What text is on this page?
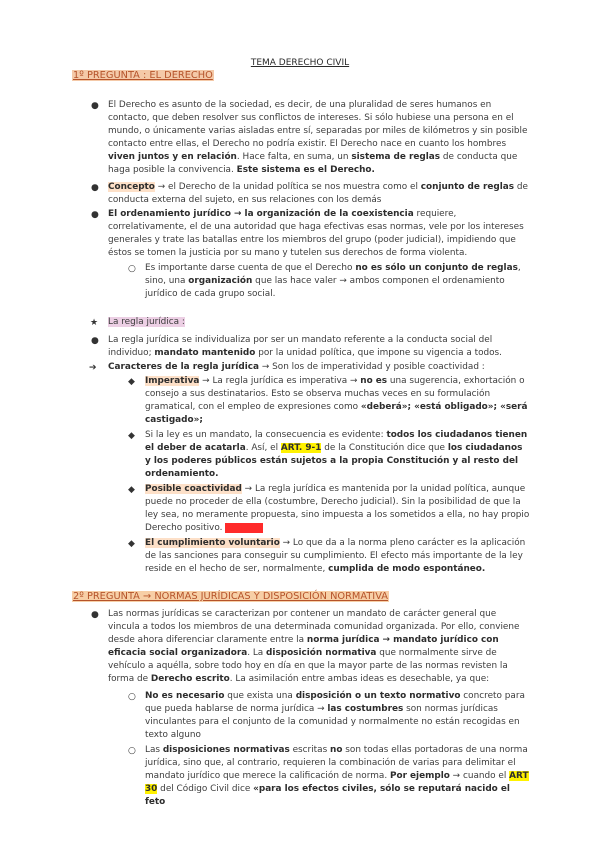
TEMA DERECHO CIVIL
1º PREGUNTA : EL DERECHO
● El Derecho es asunto de la sociedad, es decir, de una pluralidad de seres humanos en contacto, que deben resolver sus conflictos de intereses. Si sólo hubiese una persona en el mundo, o únicamente varias aisladas entre sí, separadas por miles de kilómetros y sin posible contacto entre ellas, el Derecho no podría existir. El Derecho nace en cuanto los hombres viven juntos y en relación. Hace falta, en suma, un sistema de reglas de conducta que haga posible la convivencia. Este sistema es el Derecho.

● Concepto → el Derecho de la unidad política se nos muestra como el conjunto de reglas de conducta externa del sujeto, en sus relaciones con los demás

● El ordenamiento jurídico → la organización de la coexistencia requiere, correlativamente, el de una autoridad que haga efectivas esas normas, vele por los intereses generales y trate las batallas entre los miembros del grupo (poder judicial), impidiendo que éstos se tomen la justicia por su mano y tutelen sus derechos de forma violenta.

○ Es importante darse cuenta de que el Derecho no es sólo un conjunto de reglas, sino, una organización que las hace valer → ambos componen el ordenamiento jurídico de cada grupo social.

★ La regla jurídica :
● La regla jurídica se individualiza por ser un mandato referente a la conducta social del individuo; mandato mantenido por la unidad política, que impone su vigencia a todos.

➔ Caracteres de la regla jurídica → Son los de imperatividad y posible coactividad :

◆ Imperativa → La regla jurídica es imperativa → no es una sugerencia, exhortación o consejo a sus destinatarios. Esto se observa muchas veces en su formulación gramatical, con el empleo de expresiones como «deberá»; «está obligado»; «será castigado»;

◆ Si la ley es un mandato, la consecuencia es evidente: todos los ciudadanos tienen el deber de acatarla. Así, el ART. 9-1 de la Constitución dice que los ciudadanos y los poderes públicos están sujetos a la propia Constitución y al resto del ordenamiento.

◆ Posible coactividad → La regla jurídica es mantenida por la unidad política, aunque puede no proceder de ella (costumbre, Derecho judicial). Sin la posibilidad de que la ley sea, no meramente propuesta, sino impuesta a los sometidos a ella, no hay propio Derecho positivo. ????????

◆ El cumplimiento voluntario → Lo que da a la norma pleno carácter es la aplicación de las sanciones para conseguir su cumplimiento. El efecto más importante de la ley reside en el hecho de ser, normalmente, cumplida de modo espontáneo.

2º PREGUNTA → NORMAS JURÍDICAS Y DISPOSICIÓN NORMATIVA
● Las normas jurídicas se caracterizan por contener un mandato de carácter general que vincula a todos los miembros de una determinada comunidad organizada. Por ello, conviene desde ahora diferenciar claramente entre la norma jurídica → mandato jurídico con eficacia social organizadora. La disposición normativa que normalmente sirve de vehículo a aquélla, sobre todo hoy en día en que la mayor parte de las normas revisten la forma de Derecho escrito. La asimilación entre ambas ideas es desechable, ya que:

○ No es necesario que exista una disposición o un texto normativo concreto para que pueda hablarse de norma jurídica → las costumbres son normas jurídicas vinculantes para el conjunto de la comunidad y normalmente no están recogidas en texto alguno

○ Las disposiciones normativas escritas no son todas ellas portadoras de una norma jurídica, sino que, al contrario, requieren la combinación de varias para delimitar el mandato jurídico que merece la calificación de norma. Por ejemplo → cuando el ART 30 del Código Civil dice «para los efectos civiles, sólo se reputará nacido el feto
